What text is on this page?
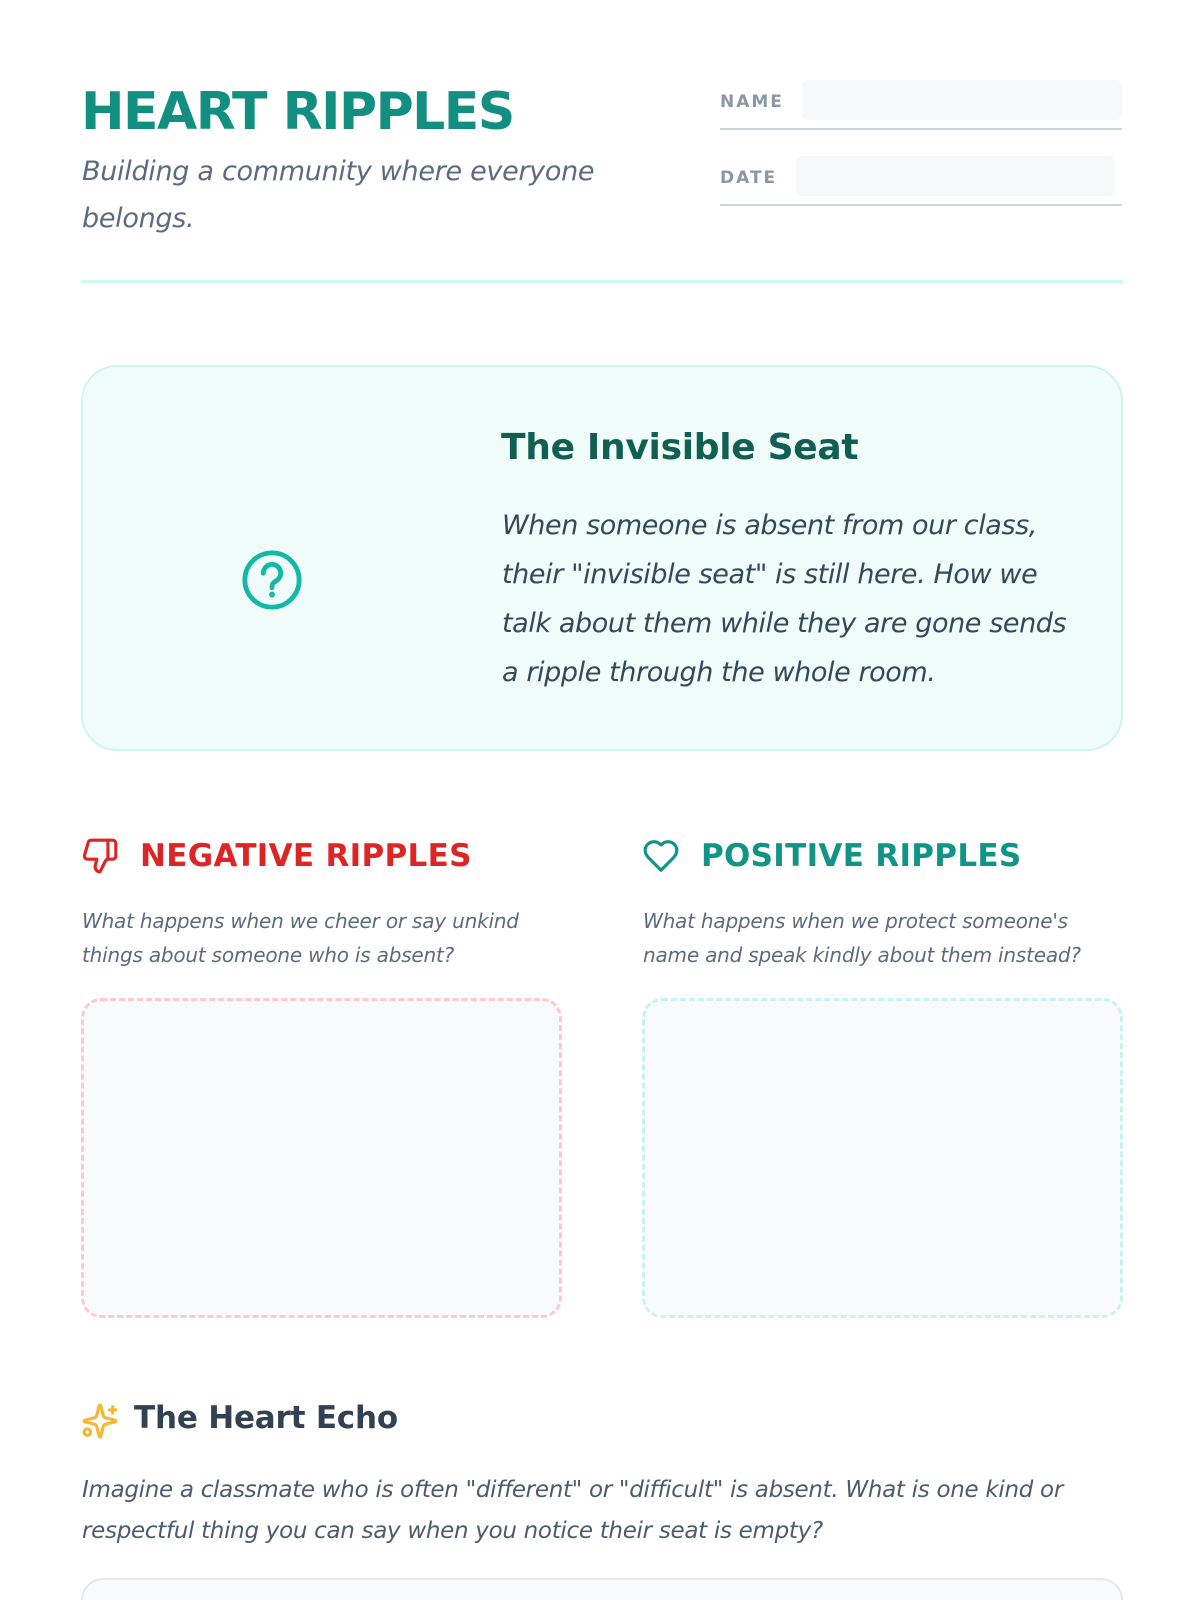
HEART RIPPLES
Building a community where everyone belongs.
NAME
DATE
The Invisible Seat
When someone is absent from our class, their "invisible seat" is still here. How we talk about them while they are gone sends a ripple through the whole room.
NEGATIVE RIPPLES
What happens when we cheer or say unkind things about someone who is absent?
POSITIVE RIPPLES
What happens when we protect someone's name and speak kindly about them instead?
The Heart Echo
Imagine a classmate who is often "different" or "difficult" is absent. What is one kind or respectful thing you can say when you notice their seat is empty?
